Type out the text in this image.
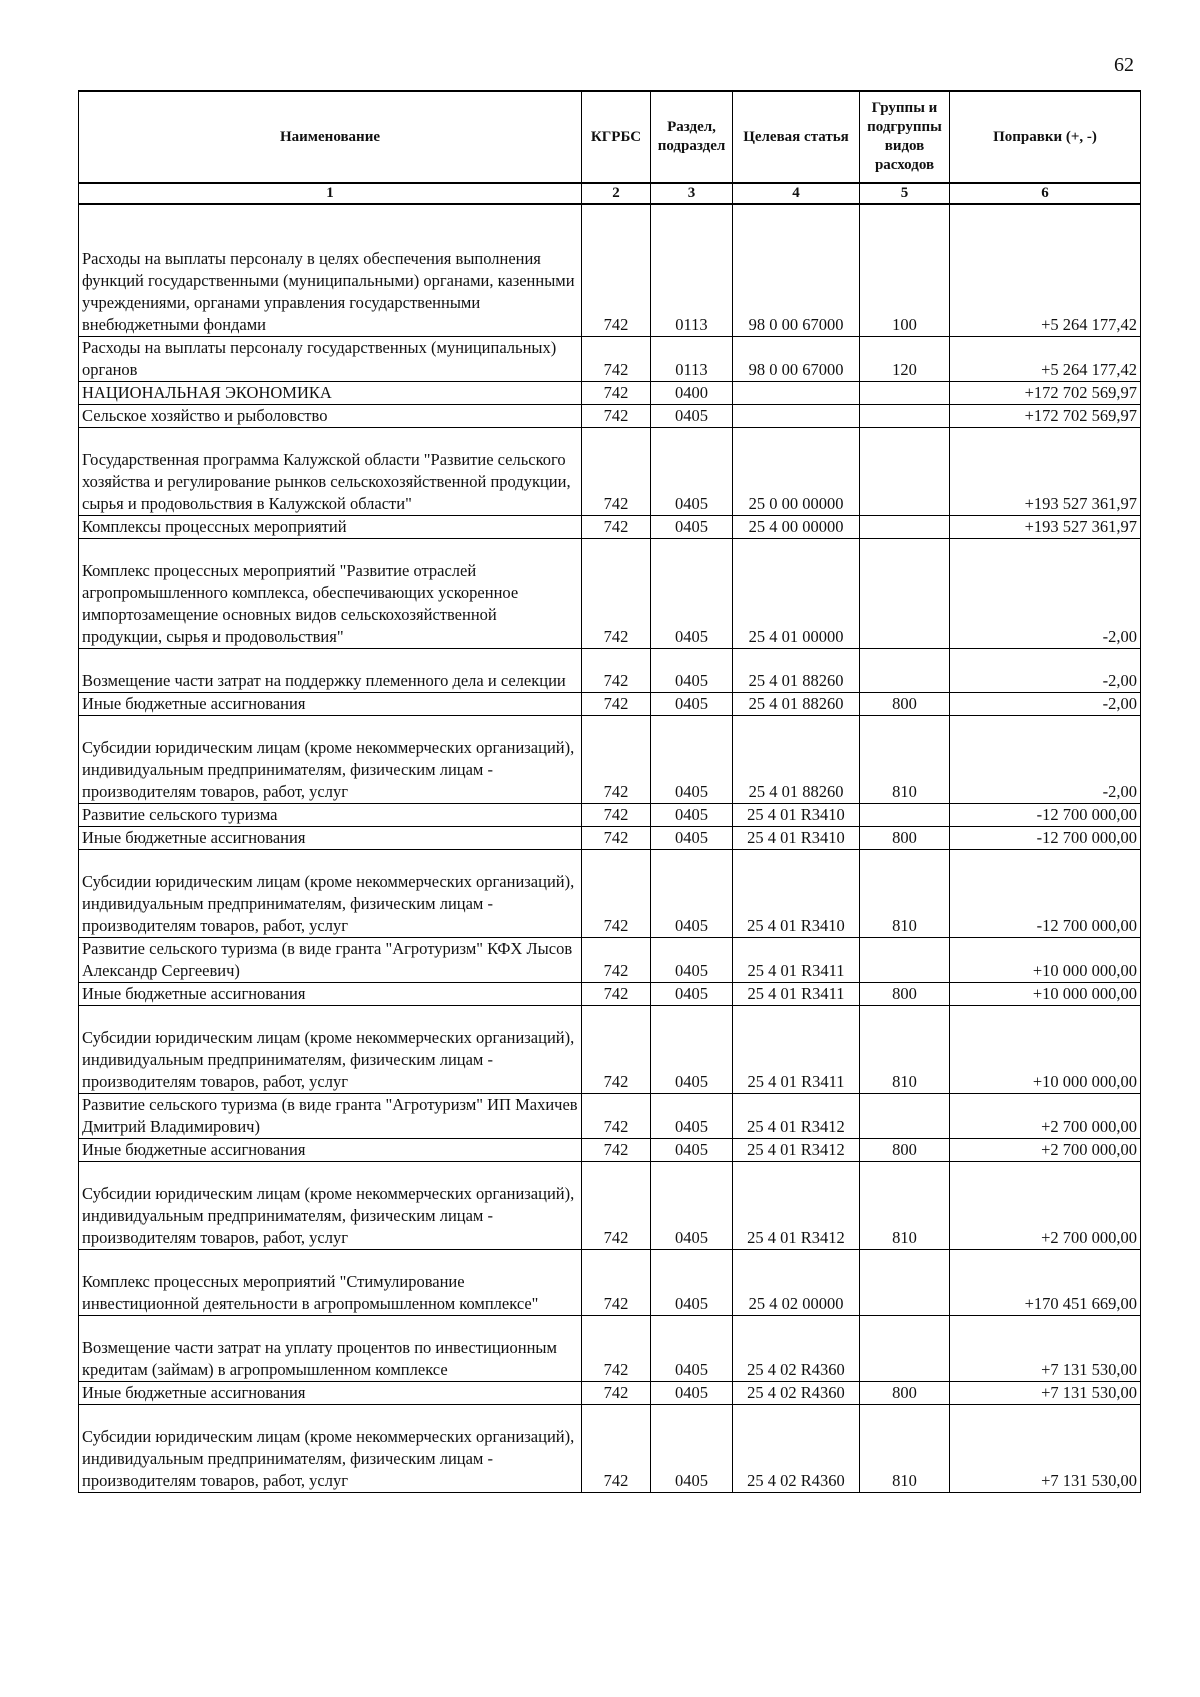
62
Наименование	КГРБС	Раздел, подраздел	Целевая статья	Группы и подгруппы видов расходов	Поправки (+, -)
1	2	3	4	5	6
Расходы на выплаты персоналу в целях обеспечения выполнения функций государственными (муниципальными) органами, казенными учреждениями, органами управления государственными внебюджетными фондами	742	0113	98 0 00 67000	100	+5 264 177,42
Расходы на выплаты персоналу государственных (муниципальных) органов	742	0113	98 0 00 67000	120	+5 264 177,42
НАЦИОНАЛЬНАЯ ЭКОНОМИКА	742	0400			+172 702 569,97
Сельское хозяйство и рыболовство	742	0405			+172 702 569,97
Государственная программа Калужской области "Развитие сельского хозяйства и регулирование рынков сельскохозяйственной продукции, сырья и продовольствия в Калужской области"	742	0405	25 0 00 00000		+193 527 361,97
Комплексы процессных мероприятий	742	0405	25 4 00 00000		+193 527 361,97
Комплекс процессных мероприятий "Развитие отраслей агропромышленного комплекса, обеспечивающих ускоренное импортозамещение основных видов сельскохозяйственной продукции, сырья и продовольствия"	742	0405	25 4 01 00000		-2,00
Возмещение части затрат на поддержку племенного дела и селекции	742	0405	25 4 01 88260		-2,00
Иные бюджетные ассигнования	742	0405	25 4 01 88260	800	-2,00
Субсидии юридическим лицам (кроме некоммерческих организаций), индивидуальным предпринимателям, физическим лицам - производителям товаров, работ, услуг	742	0405	25 4 01 88260	810	-2,00
Развитие сельского туризма	742	0405	25 4 01 R3410		-12 700 000,00
Иные бюджетные ассигнования	742	0405	25 4 01 R3410	800	-12 700 000,00
Субсидии юридическим лицам (кроме некоммерческих организаций), индивидуальным предпринимателям, физическим лицам - производителям товаров, работ, услуг	742	0405	25 4 01 R3410	810	-12 700 000,00
Развитие сельского туризма (в виде гранта "Агротуризм" КФХ Лысов Александр Сергеевич)	742	0405	25 4 01 R3411		+10 000 000,00
Иные бюджетные ассигнования	742	0405	25 4 01 R3411	800	+10 000 000,00
Субсидии юридическим лицам (кроме некоммерческих организаций), индивидуальным предпринимателям, физическим лицам - производителям товаров, работ, услуг	742	0405	25 4 01 R3411	810	+10 000 000,00
Развитие сельского туризма (в виде гранта "Агротуризм" ИП Махичев Дмитрий Владимирович)	742	0405	25 4 01 R3412		+2 700 000,00
Иные бюджетные ассигнования	742	0405	25 4 01 R3412	800	+2 700 000,00
Субсидии юридическим лицам (кроме некоммерческих организаций), индивидуальным предпринимателям, физическим лицам - производителям товаров, работ, услуг	742	0405	25 4 01 R3412	810	+2 700 000,00
Комплекс процессных мероприятий "Стимулирование инвестиционной деятельности в агропромышленном комплексе"	742	0405	25 4 02 00000		+170 451 669,00
Возмещение части затрат на уплату процентов по инвестиционным кредитам (займам) в агропромышленном комплексе	742	0405	25 4 02 R4360		+7 131 530,00
Иные бюджетные ассигнования	742	0405	25 4 02 R4360	800	+7 131 530,00
Субсидии юридическим лицам (кроме некоммерческих организаций), индивидуальным предпринимателям, физическим лицам - производителям товаров, работ, услуг	742	0405	25 4 02 R4360	810	+7 131 530,00
